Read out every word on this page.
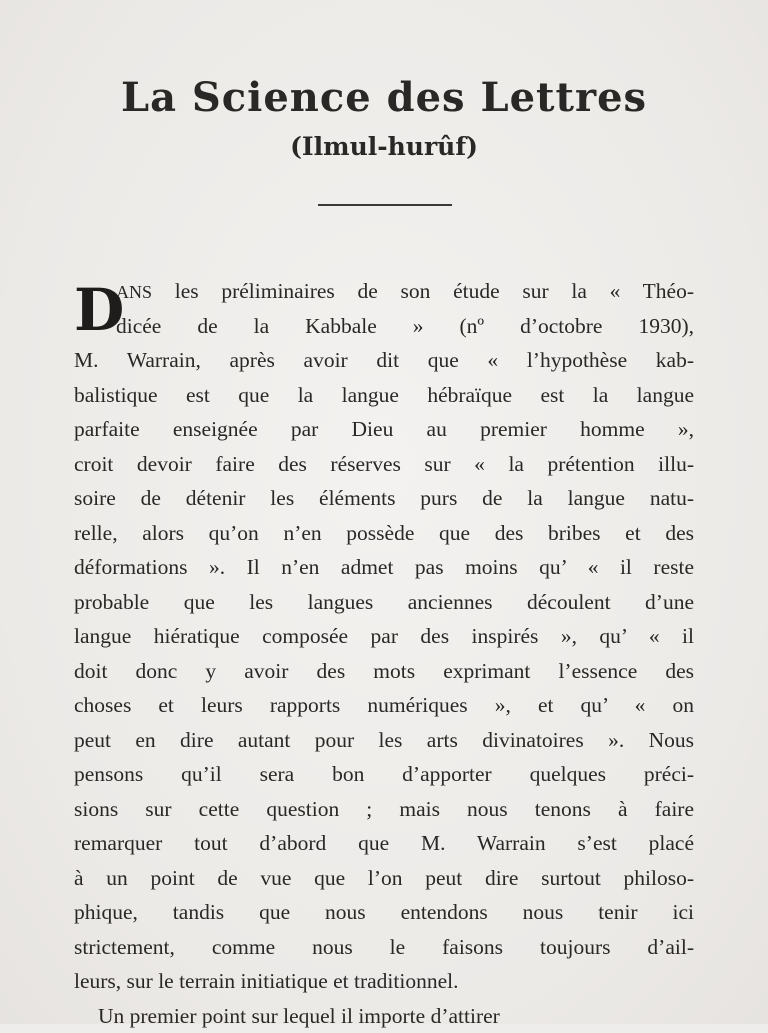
La Science des Lettres
(Ilmul-hurûf)
D
ANS les préliminaires de son étude sur la « Théo-
dicée de la Kabbale » (nº d’octobre 1930),
M. Warrain, après avoir dit que « l’hypothèse kab-
balistique est que la langue hébraïque est la langue
parfaite enseignée par Dieu au premier homme »,
croit devoir faire des réserves sur « la prétention illu-
soire de détenir les éléments purs de la langue natu-
relle, alors qu’on n’en possède que des bribes et des
déformations ». Il n’en admet pas moins qu’ « il reste
probable que les langues anciennes découlent d’une
langue hiératique composée par des inspirés », qu’ « il
doit donc y avoir des mots exprimant l’essence des
choses et leurs rapports numériques », et qu’ « on
peut en dire autant pour les arts divinatoires ». Nous
pensons qu’il sera bon d’apporter quelques préci-
sions sur cette question ; mais nous tenons à faire
remarquer tout d’abord que M. Warrain s’est placé
à un point de vue que l’on peut dire surtout philoso-
phique, tandis que nous entendons nous tenir ici
strictement, comme nous le faisons toujours d’ail-
leurs, sur le terrain initiatique et traditionnel.
Un premier point sur lequel il importe d’attirer
